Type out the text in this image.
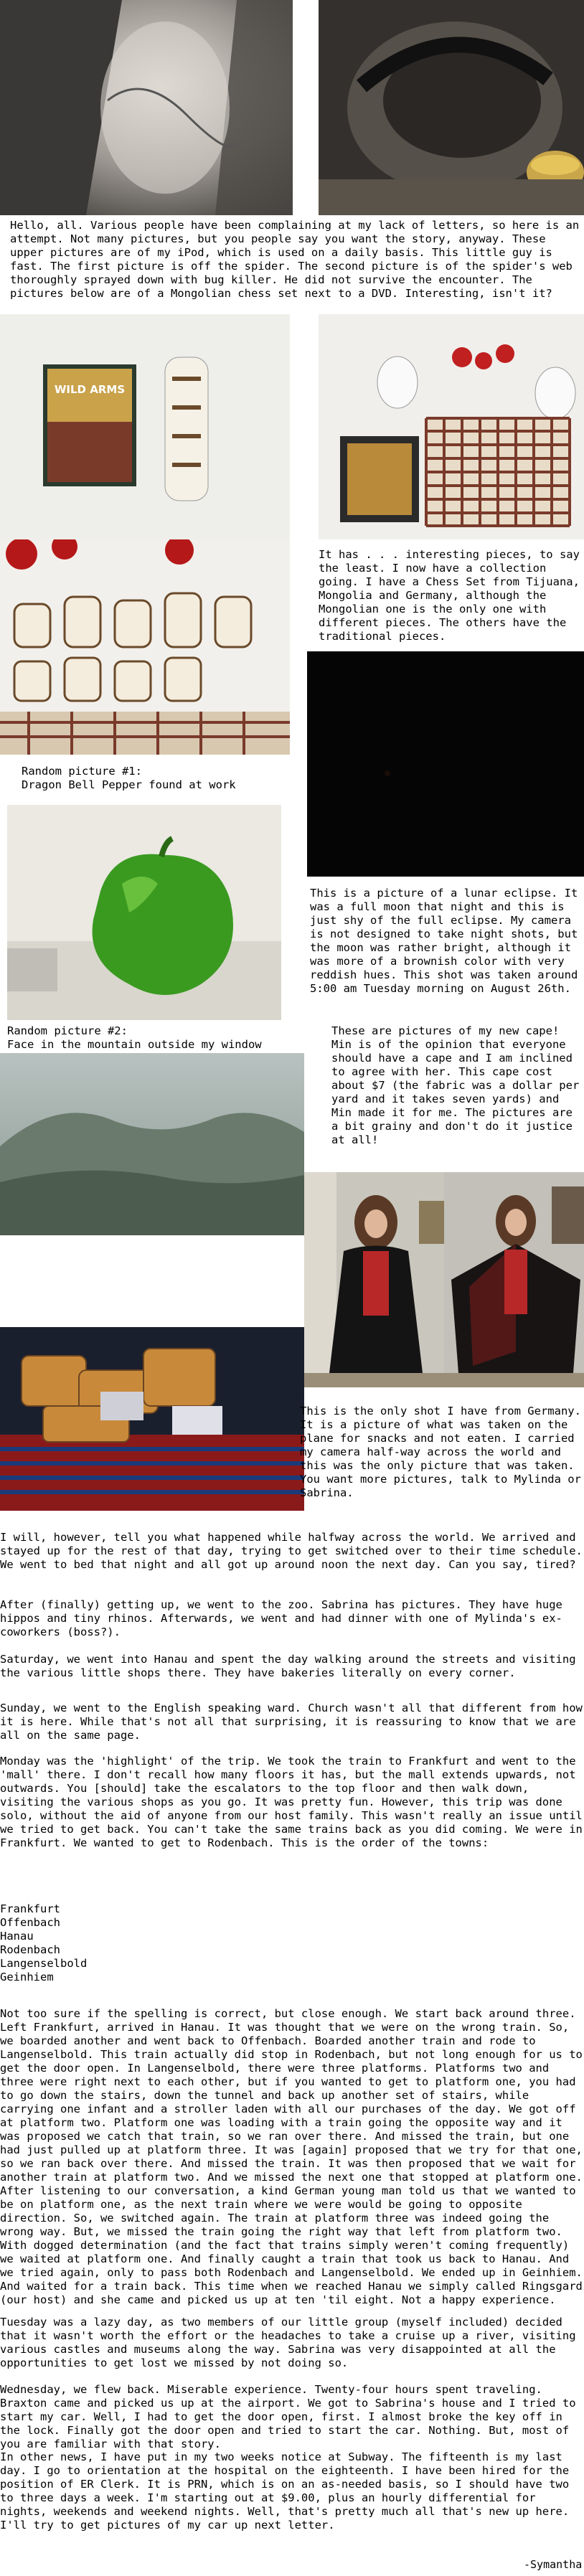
WILD ARMS
Hello, all. Various people have been complaining at my lack of letters, so here is an attempt. Not many pictures, but you people say you want the story, anyway. These upper pictures are of my iPod, which is used on a daily basis. This little guy is fast. The first picture is off the spider. The second picture is of the spider's web thoroughly sprayed down with bug killer. He did not survive the encounter. The pictures below are of a Mongolian chess set next to a DVD. Interesting, isn't it?
It has . . . interesting pieces, to say the least. I now have a collection going. I have a Chess Set from Tijuana, Mongolia and Germany, although the Mongolian one is the only one with different pieces. The others have the traditional pieces.
Random picture #1:
Dragon Bell Pepper found at work
This is a picture of a lunar eclipse. It was a full moon that night and this is just shy of the full eclipse. My camera is not designed to take night shots, but the moon was rather bright, although it was more of a brownish color with very reddish hues. This shot was taken around 5:00 am Tuesday morning on August 26th.
Random picture #2:
Face in the mountain outside my window
These are pictures of my new cape! Min is of the opinion that everyone should have a cape and I am inclined to agree with her. This cape cost about $7 (the fabric was a dollar per yard and it takes seven yards) and Min made it for me. The pictures are a bit grainy and don't do it justice at all!
This is the only shot I have from Germany. It is a picture of what was taken on the plane for snacks and not eaten. I carried my camera half-way across the world and this was the only picture that was taken. You want more pictures, talk to Mylinda or Sabrina.
I will, however, tell you what happened while halfway across the world. We arrived and stayed up for the rest of that day, trying to get switched over to their time schedule. We went to bed that night and all got up around noon the next day. Can you say, tired?
After (finally) getting up, we went to the zoo. Sabrina has pictures. They have huge hippos and tiny rhinos. Afterwards, we went and had dinner with one of Mylinda's ex-coworkers (boss?).
Saturday, we went into Hanau and spent the day walking around the streets and visiting the various little shops there. They have bakeries literally on every corner.
Sunday, we went to the English speaking ward. Church wasn't all that different from how it is here. While that's not all that surprising, it is reassuring to know that we are all on the same page.
Monday was the 'highlight' of the trip. We took the train to Frankfurt and went to the 'mall' there. I don't recall how many floors it has, but the mall extends upwards, not outwards. You [should] take the escalators to the top floor and then walk down, visiting the various shops as you go. It was pretty fun. However, this trip was done solo, without the aid of anyone from our host family. This wasn't really an issue until we tried to get back. You can't take the same trains back as you did coming. We were in Frankfurt. We wanted to get to Rodenbach. This is the order of the towns:
Frankfurt
Offenbach
Hanau
Rodenbach
Langenselbold
Geinhiem
Not too sure if the spelling is correct, but close enough. We start back around three. Left Frankfurt, arrived in Hanau. It was thought that we were on the wrong train. So, we boarded another and went back to Offenbach. Boarded another train and rode to Langenselbold. This train actually did stop in Rodenbach, but not long enough for us to get the door open. In Langenselbold, there were three platforms. Platforms two and three were right next to each other, but if you wanted to get to platform one, you had to go down the stairs, down the tunnel and back up another set of stairs, while carrying one infant and a stroller laden with all our purchases of the day. We got off at platform two. Platform one was loading with a train going the opposite way and it was proposed we catch that train, so we ran over there. And missed the train, but one had just pulled up at platform three. It was [again] proposed that we try for that one, so we ran back over there. And missed the train. It was then proposed that we wait for another train at platform two. And we missed the next one that stopped at platform one. After listening to our conversation, a kind German young man told us that we wanted to be on platform one, as the next train where we were would be going to opposite direction. So, we switched again. The train at platform three was indeed going the wrong way. But, we missed the train going the right way that left from platform two. With dogged determination (and the fact that trains simply weren't coming frequently) we waited at platform one. And finally caught a train that took us back to Hanau. And we tried again, only to pass both Rodenbach and Langenselbold. We ended up in Geinhiem. And waited for a train back. This time when we reached Hanau we simply called Ringsgard (our host) and she came and picked us up at ten 'til eight. Not a happy experience.
Tuesday was a lazy day, as two members of our little group (myself included) decided that it wasn't worth the effort or the headaches to take a cruise up a river, visiting various castles and museums along the way. Sabrina was very disappointed at all the opportunities to get lost we missed by not doing so.
Wednesday, we flew back. Miserable experience. Twenty-four hours spent traveling. Braxton came and picked us up at the airport. We got to Sabrina's house and I tried to start my car. Well, I had to get the door open, first. I almost broke the key off in the lock. Finally got the door open and tried to start the car. Nothing. But, most of you are familiar with that story.
In other news, I have put in my two weeks notice at Subway. The fifteenth is my last day. I go to orientation at the hospital on the eighteenth. I have been hired for the position of ER Clerk. It is PRN, which is on an as-needed basis, so I should have two to three days a week. I'm starting out at $9.00, plus an hourly differential for nights, weekends and weekend nights. Well, that's pretty much all that's new up here. I'll try to get pictures of my car up next letter.
-Symantha
